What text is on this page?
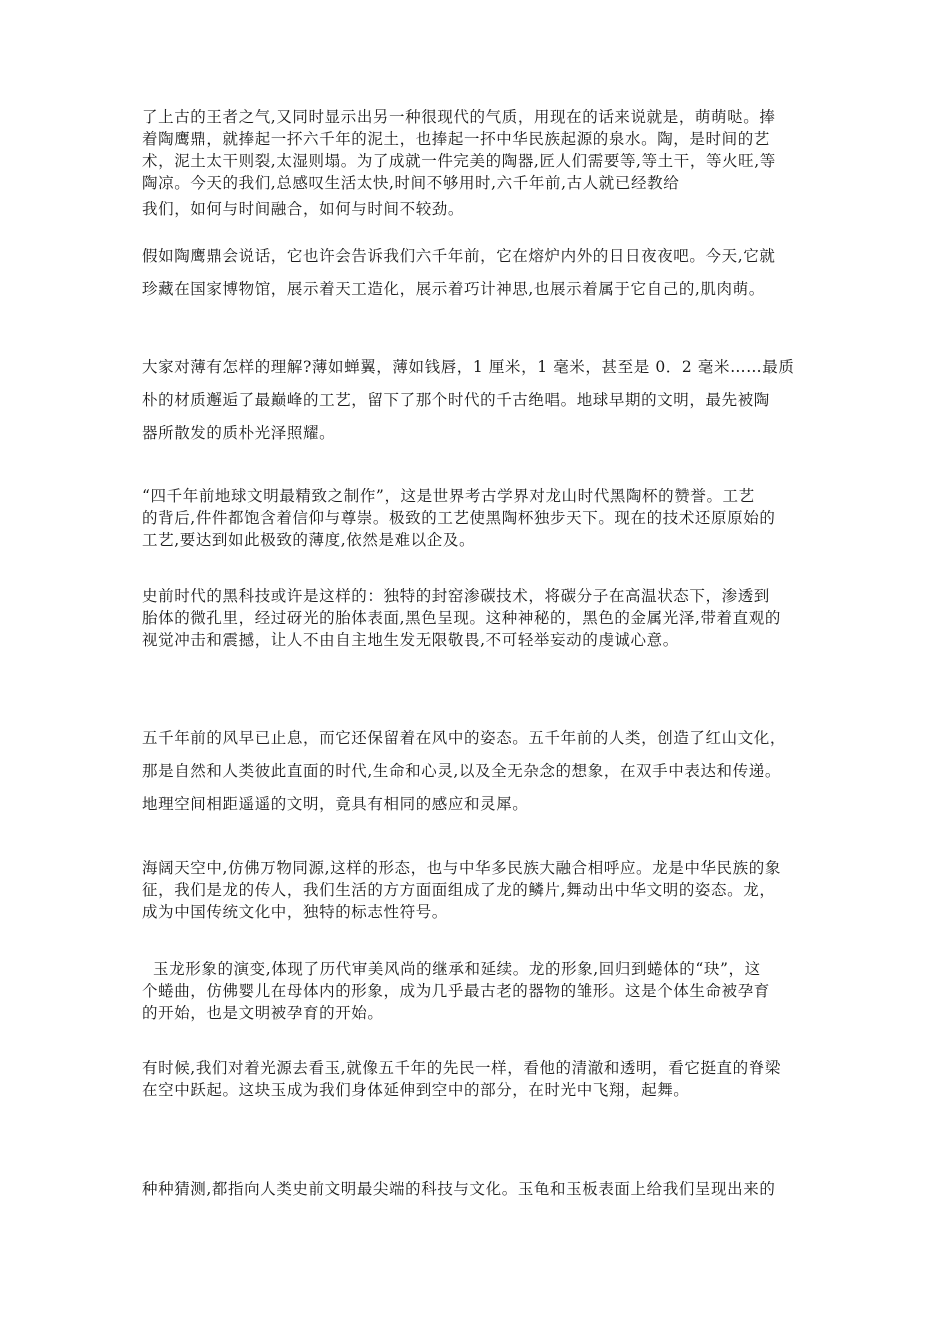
了上古的王者之气,又同时显示出另一种很现代的气质，用现在的话来说就是，萌萌哒。捧
着陶鹰鼎，就捧起一抔六千年的泥土，也捧起一抔中华民族起源的泉水。陶，是时间的艺
术，泥土太干则裂,太湿则塌。为了成就一件完美的陶器,匠人们需要等,等土干，等火旺,等
陶凉。今天的我们,总感叹生活太快,时间不够用时,六千年前,古人就已经教给
我们，如何与时间融合，如何与时间不较劲。
假如陶鹰鼎会说话，它也许会告诉我们六千年前，它在熔炉内外的日日夜夜吧。今天,它就
珍藏在国家博物馆，展示着天工造化，展示着巧计神思,也展示着属于它自己的,肌肉萌。
大家对薄有怎样的理解?薄如蝉翼，薄如钱唇，1 厘米，1 毫米，甚至是 0．2 毫米……最质
朴的材质邂逅了最巅峰的工艺，留下了那个时代的千古绝唱。地球早期的文明，最先被陶
器所散发的质朴光泽照耀。
“四千年前地球文明最精致之制作”，这是世界考古学界对龙山时代黑陶杯的赞誉。工艺
的背后,件件都饱含着信仰与尊崇。极致的工艺使黑陶杯独步天下。现在的技术还原原始的
工艺,要达到如此极致的薄度,依然是难以企及。
史前时代的黑科技或许是这样的：独特的封窑渗碳技术，将碳分子在高温状态下，渗透到
胎体的微孔里，经过砑光的胎体表面,黑色呈现。这种神秘的，黑色的金属光泽,带着直观的
视觉冲击和震撼，让人不由自主地生发无限敬畏,不可轻举妄动的虔诚心意。
五千年前的风早已止息，而它还保留着在风中的姿态。五千年前的人类，创造了红山文化，
那是自然和人类彼此直面的时代,生命和心灵,以及全无杂念的想象，在双手中表达和传递。
地理空间相距遥遥的文明，竟具有相同的感应和灵犀。
海阔天空中,仿佛万物同源,这样的形态，也与中华多民族大融合相呼应。龙是中华民族的象
征，我们是龙的传人，我们生活的方方面面组成了龙的鳞片,舞动出中华文明的姿态。龙，
成为中国传统文化中，独特的标志性符号。
玉龙形象的演变,体现了历代审美风尚的继承和延续。龙的形象,回归到蜷体的“玦”，这
个蜷曲，仿佛婴儿在母体内的形象，成为几乎最古老的器物的雏形。这是个体生命被孕育
的开始，也是文明被孕育的开始。
有时候,我们对着光源去看玉,就像五千年的先民一样，看他的清澈和透明，看它挺直的脊梁
在空中跃起。这块玉成为我们身体延伸到空中的部分，在时光中飞翔，起舞。
种种猜测,都指向人类史前文明最尖端的科技与文化。玉龟和玉板表面上给我们呈现出来的
